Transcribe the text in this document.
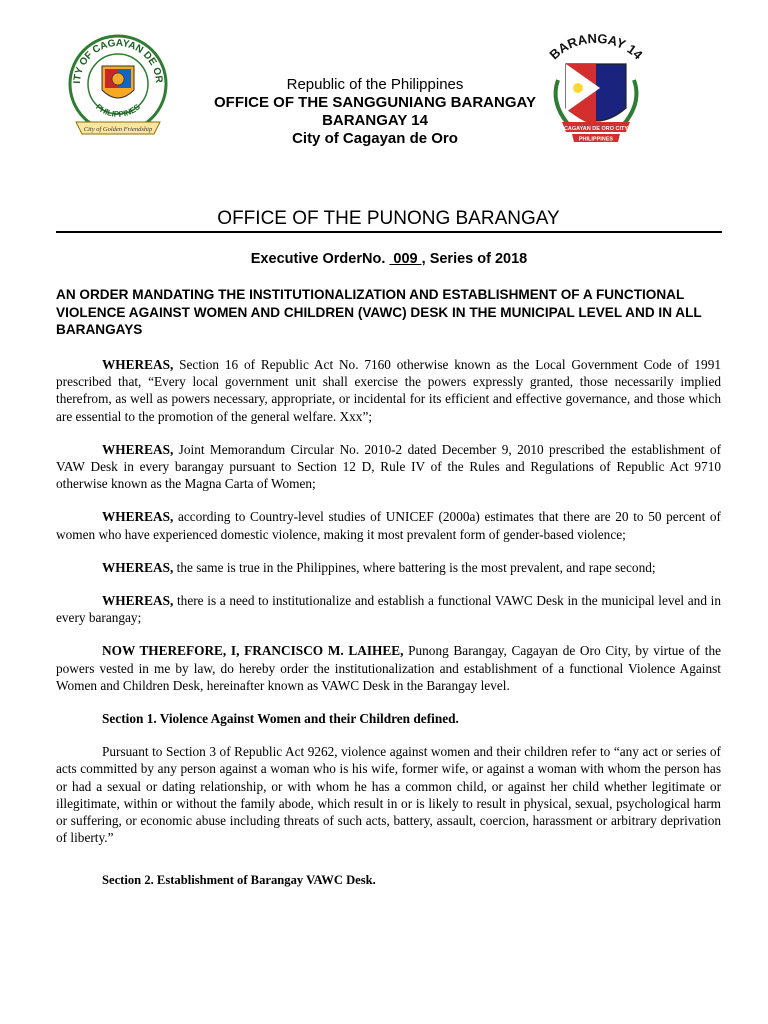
ITY OF CAGAYAN DE OR
PHILIPPINES
City of Golden Friendship
Republic of the Philippines
OFFICE OF THE SANGGUNIANG BARANGAY
BARANGAY 14
City of Cagayan de Oro
BARANGAY 14
CAGAYAN DE ORO CITY
PHILIPPINES
OFFICE OF THE PUNONG BARANGAY
Executive OrderNo.  009 , Series of 2018
AN ORDER MANDATING THE INSTITUTIONALIZATION AND ESTABLISHMENT OF A FUNCTIONAL VIOLENCE AGAINST WOMEN AND CHILDREN (VAWC) DESK IN THE MUNICIPAL LEVEL AND IN ALL BARANGAYS

WHEREAS, Section 16 of Republic Act No. 7160 otherwise known as the Local Government Code of 1991 prescribed that, “Every local government unit shall exercise the powers expressly granted, those necessarily implied therefrom, as well as powers necessary, appropriate, or incidental for its efficient and effective governance, and those which are essential to the promotion of the general welfare. Xxx”;

WHEREAS, Joint Memorandum Circular No. 2010-2 dated December 9, 2010 prescribed the establishment of VAW Desk in every barangay pursuant to Section 12 D, Rule IV of the Rules and Regulations of Republic Act 9710 otherwise known as the Magna Carta of Women;

WHEREAS, according to Country-level studies of UNICEF (2000a) estimates that there are 20 to 50 percent of women who have experienced domestic violence, making it most prevalent form of gender-based violence;

WHEREAS, the same is true in the Philippines, where battering is the most prevalent, and rape second;

WHEREAS, there is a need to institutionalize and establish a functional VAWC Desk in the municipal level and in every barangay;

NOW THEREFORE, I, FRANCISCO M. LAIHEE, Punong Barangay, Cagayan de Oro City, by virtue of the powers vested in me by law, do hereby order the institutionalization and establishment of a functional Violence Against Women and Children Desk, hereinafter known as VAWC Desk in the Barangay level.

Section 1. Violence Against Women and their Children defined.

Pursuant to Section 3 of Republic Act 9262, violence against women and their children refer to “any act or series of acts committed by any person against a woman who is his wife, former wife, or against a woman with whom the person has or had a sexual or dating relationship, or with whom he has a common child, or against her child whether legitimate or illegitimate, within or without the family abode, which result in or is likely to result in physical, sexual, psychological harm or suffering, or economic abuse including threats of such acts, battery, assault, coercion, harassment or arbitrary deprivation of liberty.”

Section 2. Establishment of Barangay VAWC Desk.
